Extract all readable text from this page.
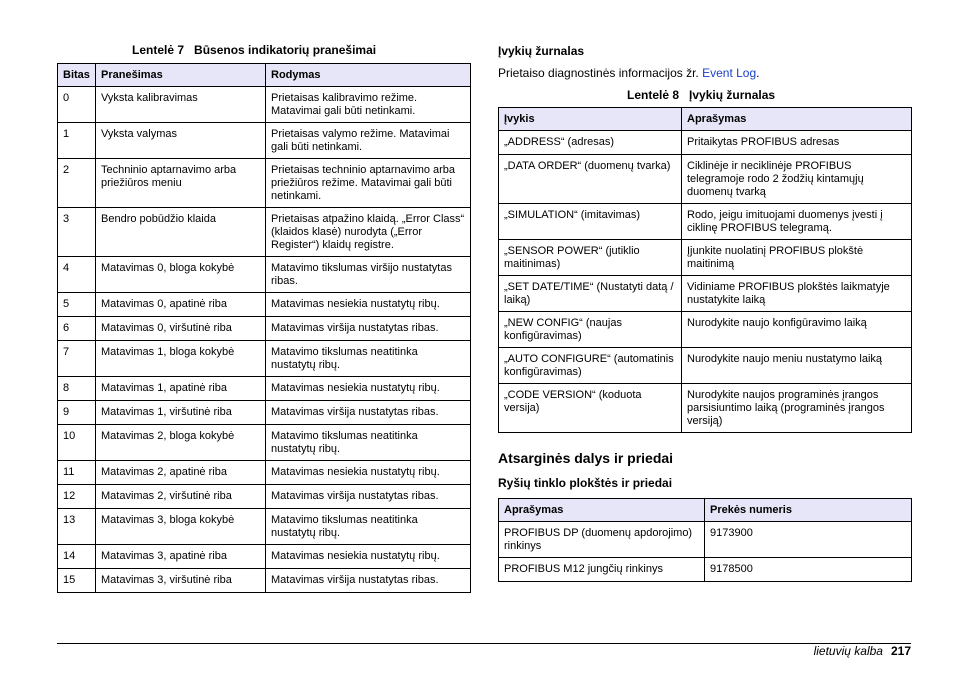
Lentelė 7 Būsenos indikatorių pranešimai
Bitas	Pranešimas	Rodymas
0	Vyksta kalibravimas	Prietaisas kalibravimo režime. Matavimai gali būti netinkami.
1	Vyksta valymas	Prietaisas valymo režime. Matavimai gali būti netinkami.
2	Techninio aptarnavimo arba priežiūros meniu	Prietaisas techninio aptarnavimo arba priežiūros režime. Matavimai gali būti netinkami.
3	Bendro pobūdžio klaida	Prietaisas atpažino klaidą. „Error Class“ (klaidos klasė) nurodyta („Error Register“) klaidų registre.
4	Matavimas 0, bloga kokybė	Matavimo tikslumas viršijo nustatytas ribas.
5	Matavimas 0, apatinė riba	Matavimas nesiekia nustatytų ribų.
6	Matavimas 0, viršutinė riba	Matavimas viršija nustatytas ribas.
7	Matavimas 1, bloga kokybė	Matavimo tikslumas neatitinka nustatytų ribų.
8	Matavimas 1, apatinė riba	Matavimas nesiekia nustatytų ribų.
9	Matavimas 1, viršutinė riba	Matavimas viršija nustatytas ribas.
10	Matavimas 2, bloga kokybė	Matavimo tikslumas neatitinka nustatytų ribų.
11	Matavimas 2, apatinė riba	Matavimas nesiekia nustatytų ribų.
12	Matavimas 2, viršutinė riba	Matavimas viršija nustatytas ribas.
13	Matavimas 3, bloga kokybė	Matavimo tikslumas neatitinka nustatytų ribų.
14	Matavimas 3, apatinė riba	Matavimas nesiekia nustatytų ribų.
15	Matavimas 3, viršutinė riba	Matavimas viršija nustatytas ribas.
Įvykių žurnalas

Prietaiso diagnostinės informacijos žr. Event Log.

Lentelė 8 Įvykių žurnalas
Įvykis	Aprašymas
„ADDRESS“ (adresas)	Pritaikytas PROFIBUS adresas
„DATA ORDER“ (duomenų tvarka)	Ciklinėje ir neciklinėje PROFIBUS telegramoje rodo 2 žodžių kintamųjų duomenų tvarką
„SIMULATION“ (imitavimas)	Rodo, jeigu imituojami duomenys įvesti į ciklinę PROFIBUS telegramą.
„SENSOR POWER“ (jutiklio maitinimas)	Įjunkite nuolatinį PROFIBUS plokštė maitinimą
„SET DATE/TIME“ (Nustatyti datą / laiką)	Vidiniame PROFIBUS plokštės laikmatyje nustatykite laiką
„NEW CONFIG“ (naujas konfigūravimas)	Nurodykite naujo konfigūravimo laiką
„AUTO CONFIGURE“ (automatinis konfigūravimas)	Nurodykite naujo meniu nustatymo laiką
„CODE VERSION“ (koduota versija)	Nurodykite naujos programinės įrangos parsisiuntimo laiką (programinės įrangos versiją)
Atsarginės dalys ir priedai
Ryšių tinklo plokštės ir priedai
Aprašymas	Prekės numeris
PROFIBUS DP (duomenų apdorojimo) rinkinys	9173900
PROFIBUS M12 jungčių rinkinys	9178500
lietuvių kalba 217
